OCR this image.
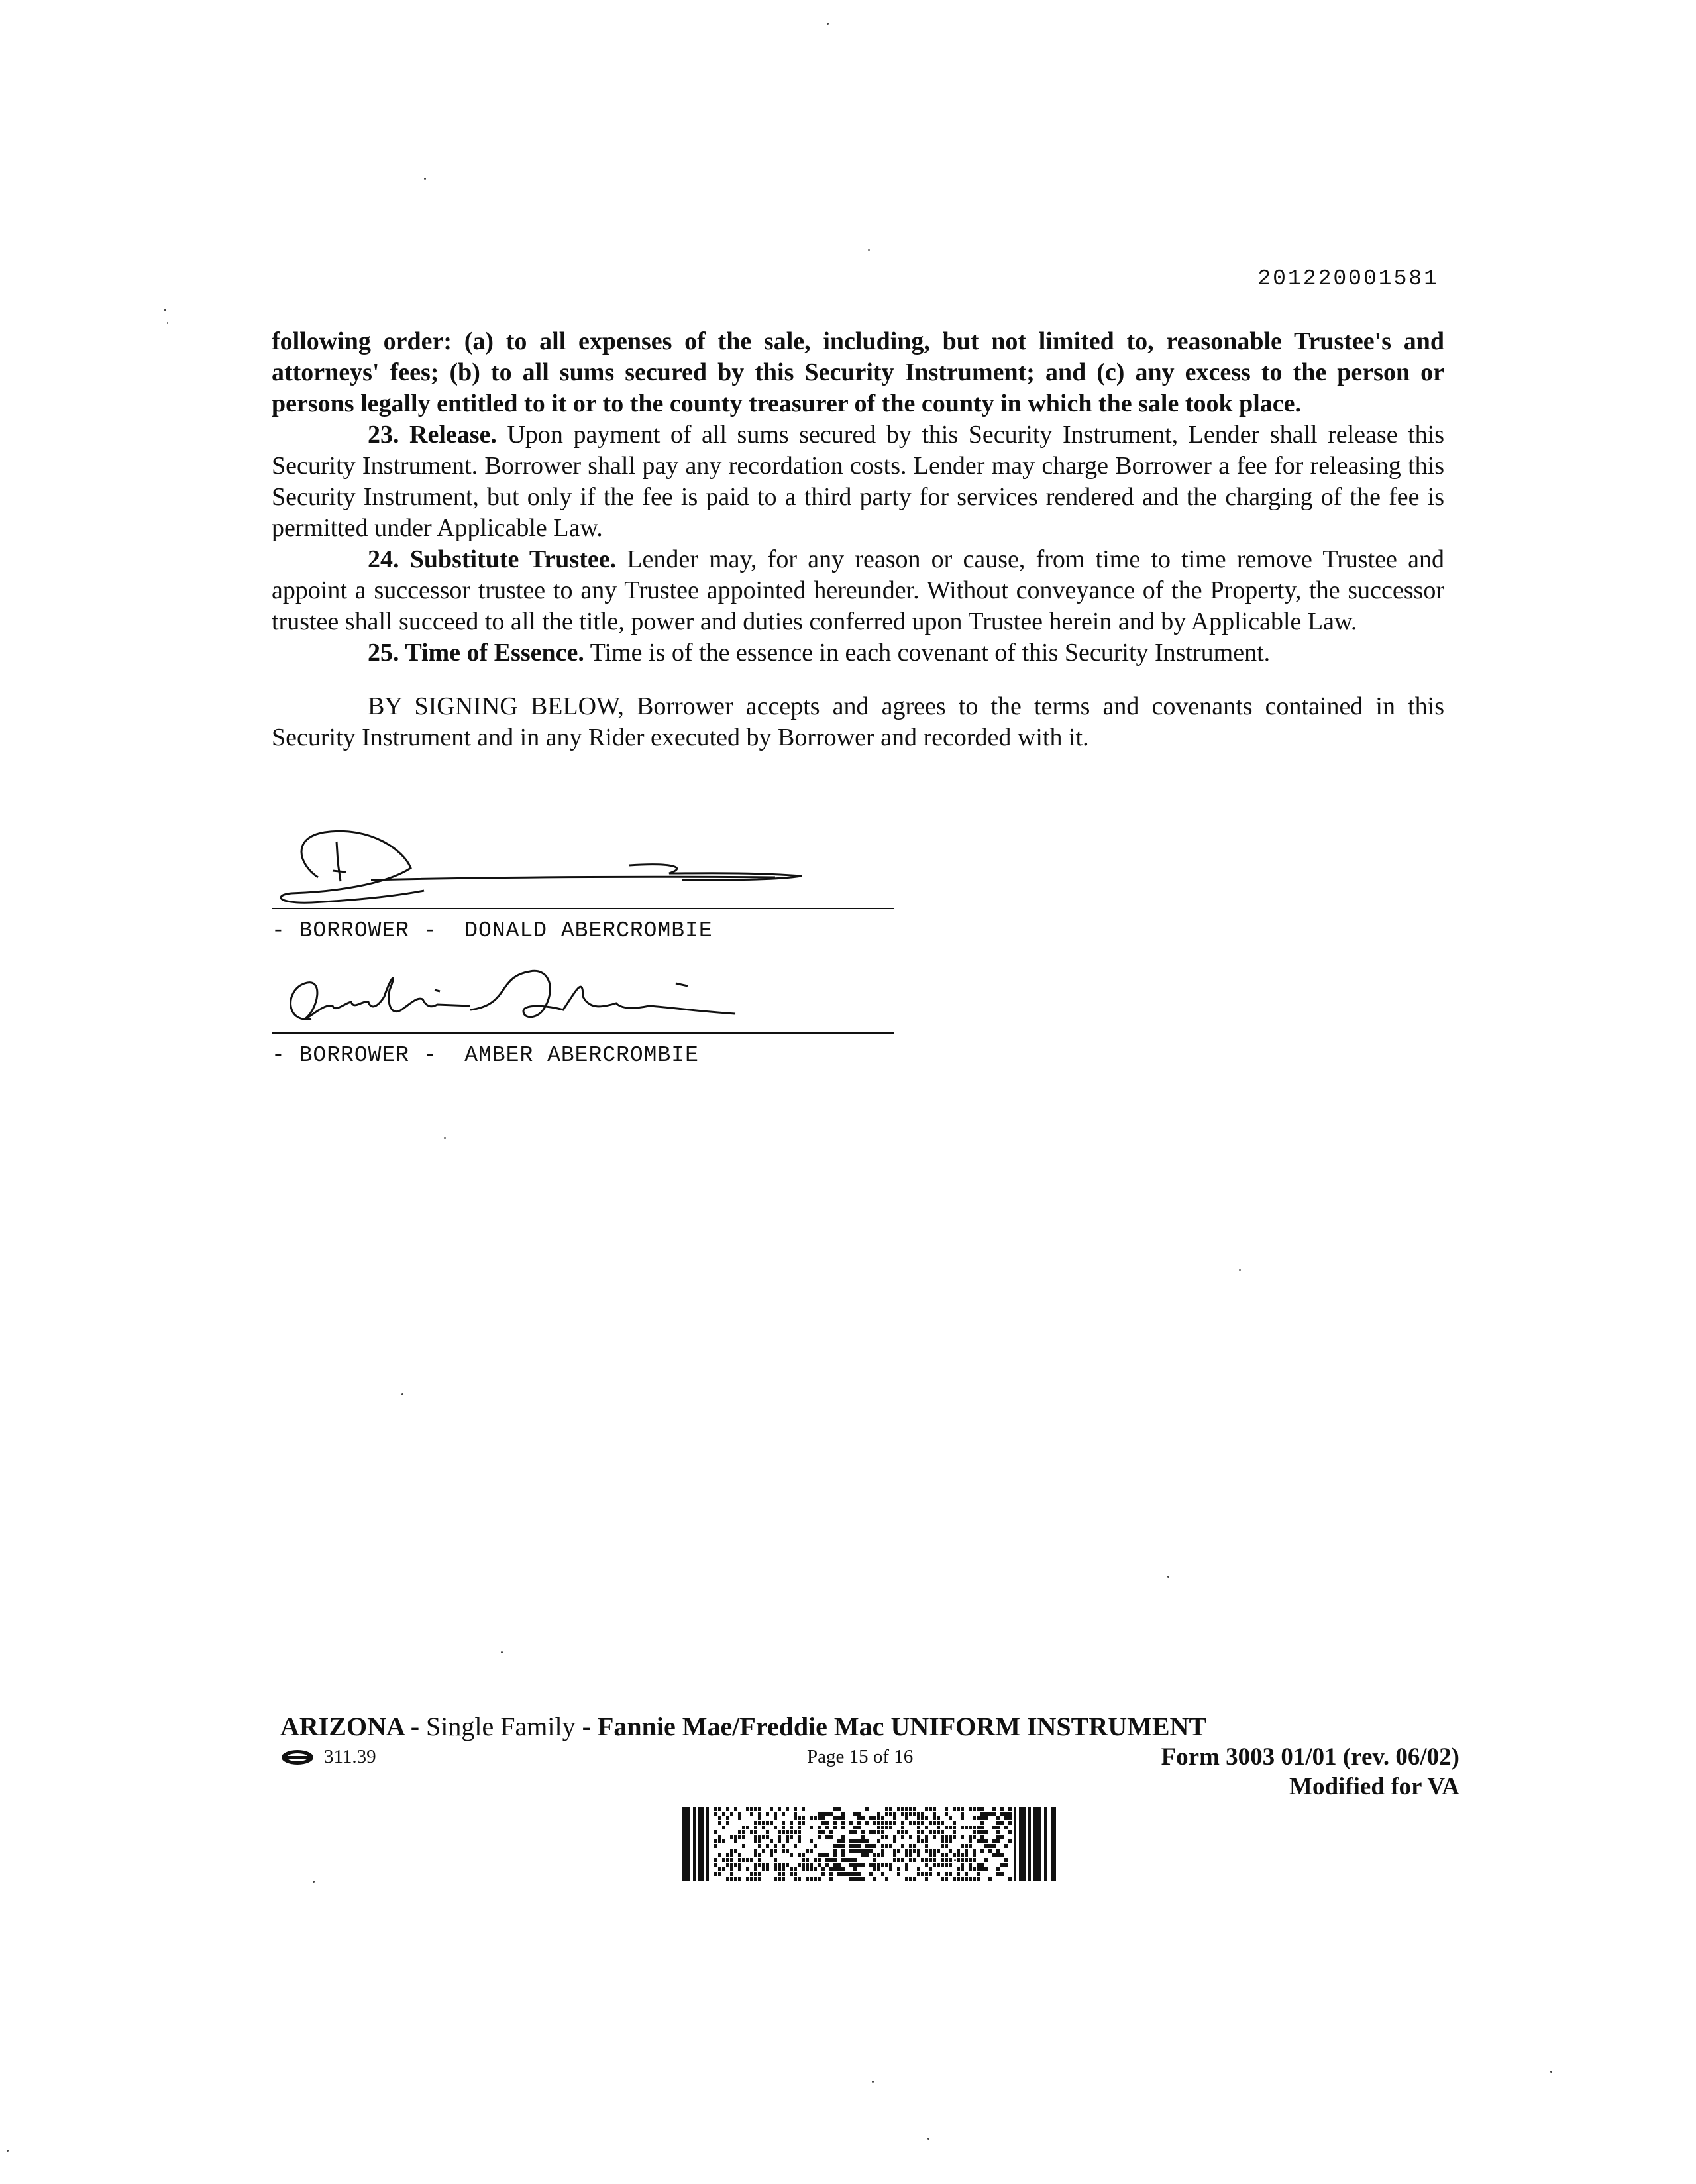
201220001581

following order: (a) to all expenses of the sale, including, but not limited to, reasonable Trustee's and attorneys' fees; (b) to all sums secured by this Security Instrument; and (c) any excess to the person or persons legally entitled to it or to the county treasurer of the county in which the sale took place.

23. Release. Upon payment of all sums secured by this Security Instrument, Lender shall release this Security Instrument. Borrower shall pay any recordation costs. Lender may charge Borrower a fee for releasing this Security Instrument, but only if the fee is paid to a third party for services rendered and the charging of the fee is permitted under Applicable Law.

24. Substitute Trustee. Lender may, for any reason or cause, from time to time remove Trustee and appoint a successor trustee to any Trustee appointed hereunder. Without conveyance of the Property, the successor trustee shall succeed to all the title, power and duties conferred upon Trustee herein and by Applicable Law.

25. Time of Essence. Time is of the essence in each covenant of this Security Instrument.

BY SIGNING BELOW, Borrower accepts and agrees to the terms and covenants contained in this Security Instrument and in any Rider executed by Borrower and recorded with it.

- BORROWER -  DONALD ABERCROMBIE
- BORROWER -  AMBER ABERCROMBIE
ARIZONA - Single Family - Fannie Mae/Freddie Mac UNIFORM INSTRUMENT
311.39	Page 15 of 16	Form 3003 01/01 (rev. 06/02)
Modified for VA
